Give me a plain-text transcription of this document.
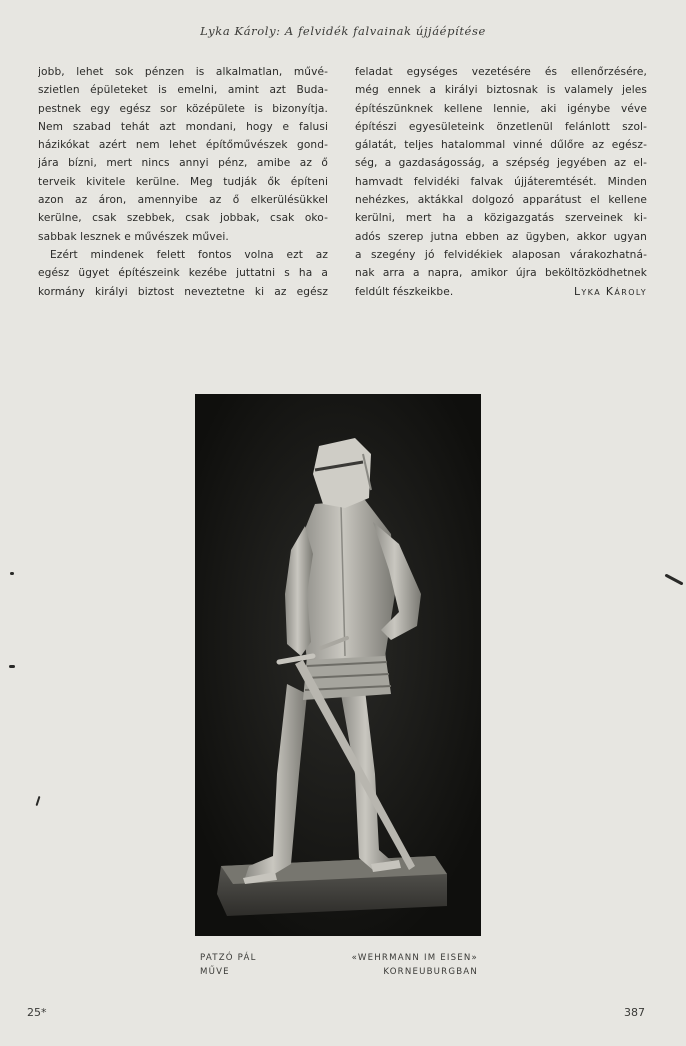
Lyka Károly: A felvidék falvainak újjáépítése
jobb, lehet sok pénzen is alkalmatlan, művé-
szietlen épületeket is emelni, amint azt Buda-
pestnek egy egész sor középülete is bizonyítja.
Nem szabad tehát azt mondani, hogy e falusi
házikókat azért nem lehet építőművészek gond-
jára bízni, mert nincs annyi pénz, amibe az ő
terveik kivitele kerülne. Meg tudják ők építeni
azon az áron, amennyibe az ő elkerülésükkel
kerülne, csak szebbek, csak jobbak, csak oko-
sabbak lesznek e művészek művei.
Ezért mindenek felett fontos volna ezt az
egész ügyet építészeink kezébe juttatni s ha a
kormány királyi biztost neveztetne ki az egész
feladat egységes vezetésére és ellenőrzésére,
még ennek a királyi biztosnak is valamely jeles
építészünknek kellene lennie, aki igénybe véve
építészi egyesületeink önzetlenül felánlott szol-
gálatát, teljes hatalommal vinné dűlőre az egész-
ség, a gazdaságosság, a szépség jegyében az el-
hamvadt felvidéki falvak újjáteremtését. Minden
nehézkes, aktákkal dolgozó apparátust el kellene
kerülni, mert ha a közigazgatás szerveinek ki-
adós szerep jutna ebben az ügyben, akkor ugyan
a szegény jó felvidékiek alaposan várakozhatná-
nak arra a napra, amikor újra beköltözködhetnek
feldúlt fészkeikbe.	Lyka Károly
PATZÓ PÁL
MŰVE
«WEHRMANN IM EISEN»
KORNEUBURGBAN
25*	387
